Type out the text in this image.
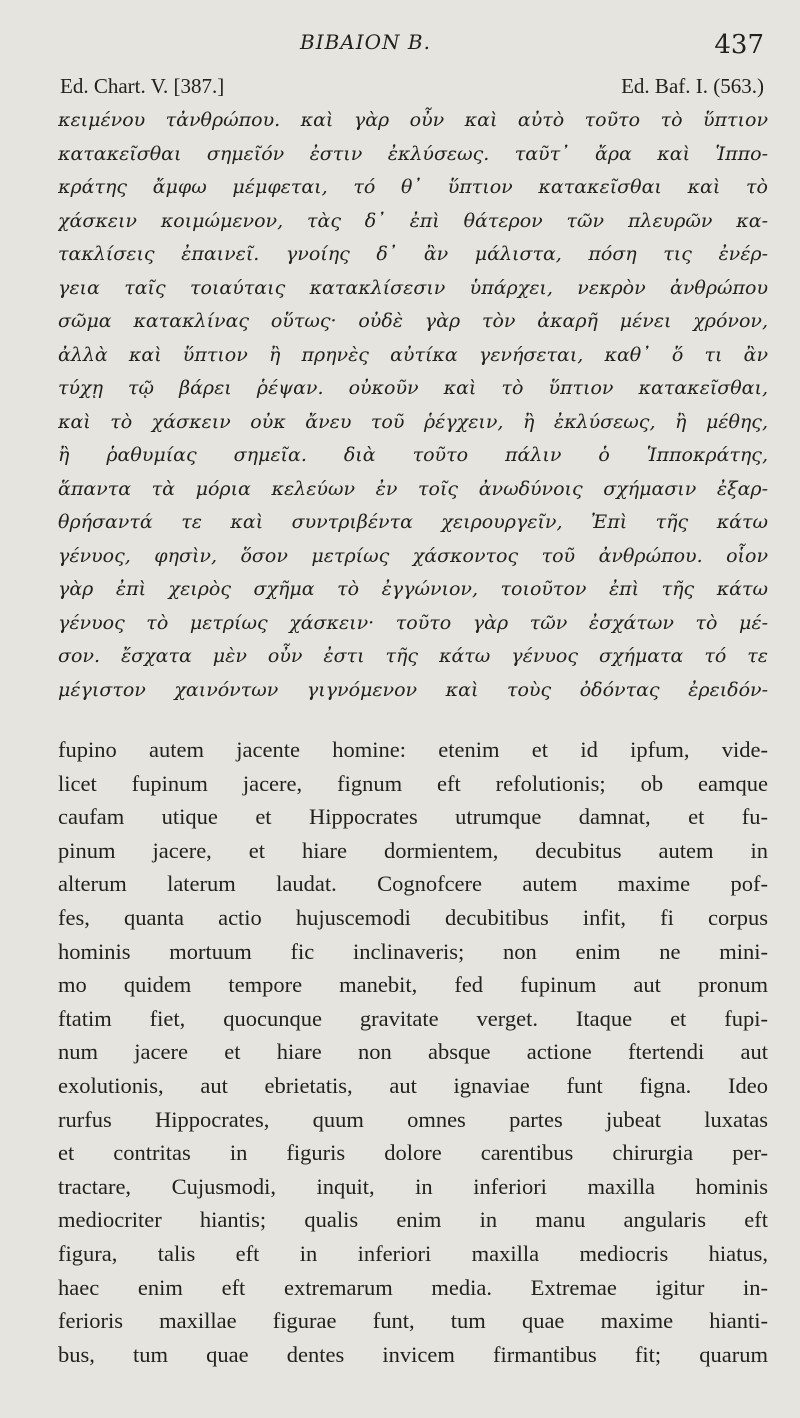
BIBAION B.	437
Ed. Chart. V. [387.]	Ed. Baf. I. (563.)
κειμένου τἀνθρώπου. καὶ γὰρ οὖν καὶ αὐτὸ τοῦτο τὸ ὕπτιον
κατακεῖσθαι σημεῖόν ἐστιν ἐκλύσεως. ταῦτ᾽ ἄρα καὶ Ἱππο-
κράτης ἄμφω μέμφεται, τό θ᾽ ὕπτιον κατακεῖσθαι καὶ τὸ
χάσκειν κοιμώμενον, τὰς δ᾽ ἐπὶ θάτερον τῶν πλευρῶν κα-
τακλίσεις ἐπαινεῖ. γνοίης δ᾽ ἂν μάλιστα, πόση τις ἐνέρ-
γεια ταῖς τοιαύταις κατακλίσεσιν ὑπάρχει, νεκρὸν ἀνθρώπου
σῶμα κατακλίνας οὕτως· οὐδὲ γὰρ τὸν ἀκαρῆ μένει χρόνον,
ἀλλὰ καὶ ὕπτιον ἢ πρηνὲς αὐτίκα γενήσεται, καθ᾽ ὅ τι ἂν
τύχῃ τῷ βάρει ῥέψαν. οὐκοῦν καὶ τὸ ὕπτιον κατακεῖσθαι,
καὶ τὸ χάσκειν οὐκ ἄνευ τοῦ ῥέγχειν, ἢ ἐκλύσεως, ἢ μέθης,
ἢ ῥαθυμίας σημεῖα. διὰ τοῦτο πάλιν ὁ Ἱπποκράτης,
ἅπαντα τὰ μόρια κελεύων ἐν τοῖς ἀνωδύνοις σχήμασιν ἐξαρ-
θρήσαντά τε καὶ συντριβέντα χειρουργεῖν, Ἐπὶ τῆς κάτω
γένυος, φησὶν, ὅσον μετρίως χάσκοντος τοῦ ἀνθρώπου. οἷον
γὰρ ἐπὶ χειρὸς σχῆμα τὸ ἐγγώνιον, τοιοῦτον ἐπὶ τῆς κάτω
γένυος τὸ μετρίως χάσκειν· τοῦτο γὰρ τῶν ἐσχάτων τὸ μέ-
σον. ἔσχατα μὲν οὖν ἐστι τῆς κάτω γένυος σχήματα τό τε
μέγιστον χαινόντων γιγνόμενον καὶ τοὺς ὀδόντας ἐρειδόν-
fupino autem jacente homine: etenim et id ipfum, vide-
licet fupinum jacere, fignum eft refolutionis; ob eamque
caufam utique et Hippocrates utrumque damnat, et fu-
pinum jacere, et hiare dormientem, decubitus autem in
alterum laterum laudat. Cognofcere autem maxime pof-
fes, quanta actio hujuscemodi decubitibus infit, fi corpus
hominis mortuum fic inclinaveris; non enim ne mini-
mo quidem tempore manebit, fed fupinum aut pronum
ftatim fiet, quocunque gravitate verget. Itaque et fupi-
num jacere et hiare non absque actione ftertendi aut
exolutionis, aut ebrietatis, aut ignaviae funt figna. Ideo
rurfus Hippocrates, quum omnes partes jubeat luxatas
et contritas in figuris dolore carentibus chirurgia per-
tractare, Cujusmodi, inquit, in inferiori maxilla hominis
mediocriter hiantis; qualis enim in manu angularis eft
figura, talis eft in inferiori maxilla mediocris hiatus,
haec enim eft extremarum media. Extremae igitur in-
ferioris maxillae figurae funt, tum quae maxime hianti-
bus, tum quae dentes invicem firmantibus fit; quarum
